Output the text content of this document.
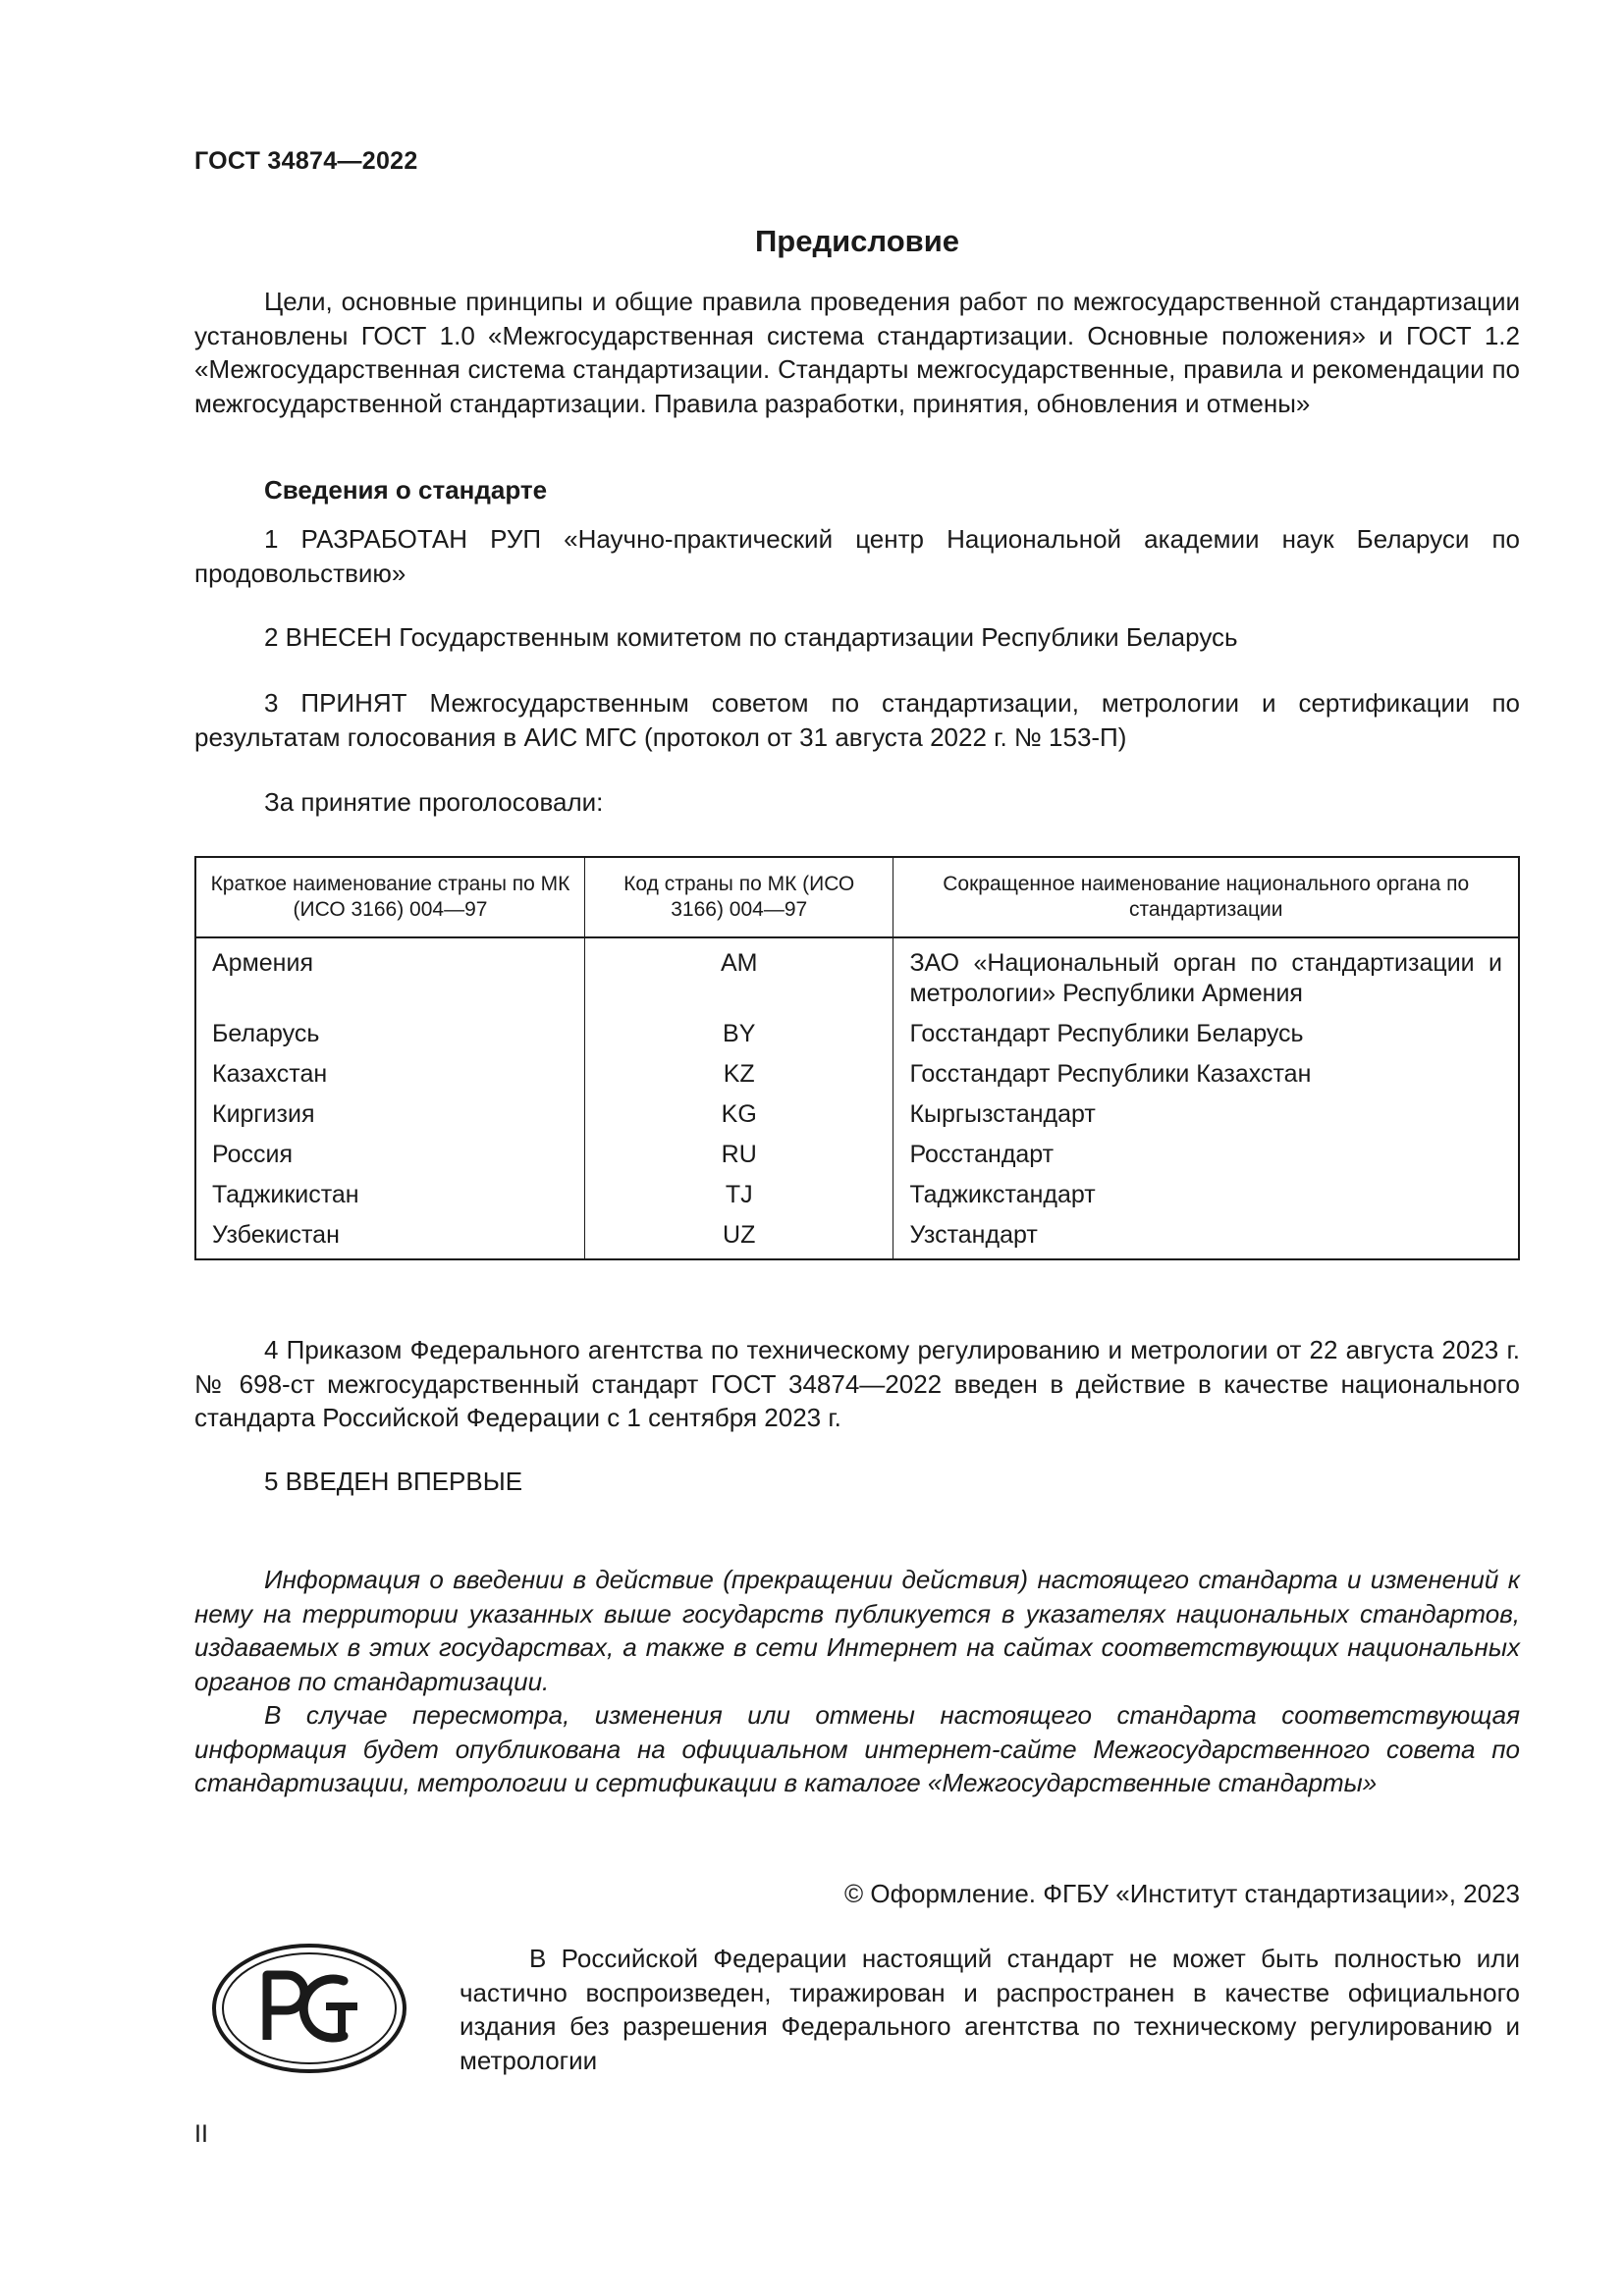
ГОСТ 34874—2022
Предисловие

Цели, основные принципы и общие правила проведения работ по межгосударственной стандартизации установлены ГОСТ 1.0 «Межгосударственная система стандартизации. Основные положения» и ГОСТ 1.2 «Межгосударственная система стандартизации. Стандарты межгосударственные, правила и рекомендации по межгосударственной стандартизации. Правила разработки, принятия, обновления и отмены»

Сведения о стандарте

1 РАЗРАБОТАН РУП «Научно-практический центр Национальной академии наук Беларуси по продовольствию»

2 ВНЕСЕН Государственным комитетом по стандартизации Республики Беларусь

3 ПРИНЯТ Межгосударственным советом по стандартизации, метрологии и сертификации по результатам голосования в АИС МГС (протокол от 31 августа 2022 г. № 153-П)

За принятие проголосовали:

Краткое наименование страны по МК (ИСО 3166) 004—97	Код страны по МК (ИСО 3166) 004—97	Сокращенное наименование национального органа по стандартизации
Армения	AM	ЗАО «Национальный орган по стандартизации и метрологии» Республики Армения
Беларусь	BY	Госстандарт Республики Беларусь
Казахстан	KZ	Госстандарт Республики Казахстан
Киргизия	KG	Кыргызстандарт
Россия	RU	Росстандарт
Таджикистан	TJ	Таджикстандарт
Узбекистан	UZ	Узстандарт

4 Приказом Федерального агентства по техническому регулированию и метрологии от 22 августа 2023 г. № 698-ст межгосударственный стандарт ГОСТ 34874—2022 введен в действие в качестве национального стандарта Российской Федерации с 1 сентября 2023 г.

5 ВВЕДЕН ВПЕРВЫЕ

Информация о введении в действие (прекращении действия) настоящего стандарта и изменений к нему на территории указанных выше государств публикуется в указателях национальных стандартов, издаваемых в этих государствах, а также в сети Интернет на сайтах соответствующих национальных органов по стандартизации.

В случае пересмотра, изменения или отмены настоящего стандарта соответствующая информация будет опубликована на официальном интернет-сайте Межгосударственного совета по стандартизации, метрологии и сертификации в каталоге «Межгосударственные стандарты»

© Оформление. ФГБУ «Институт стандартизации», 2023

В Российской Федерации настоящий стандарт не может быть полностью или частично воспроизведен, тиражирован и распространен в качестве официального издания без разрешения Федерального агентства по техническому регулированию и метрологии

II
